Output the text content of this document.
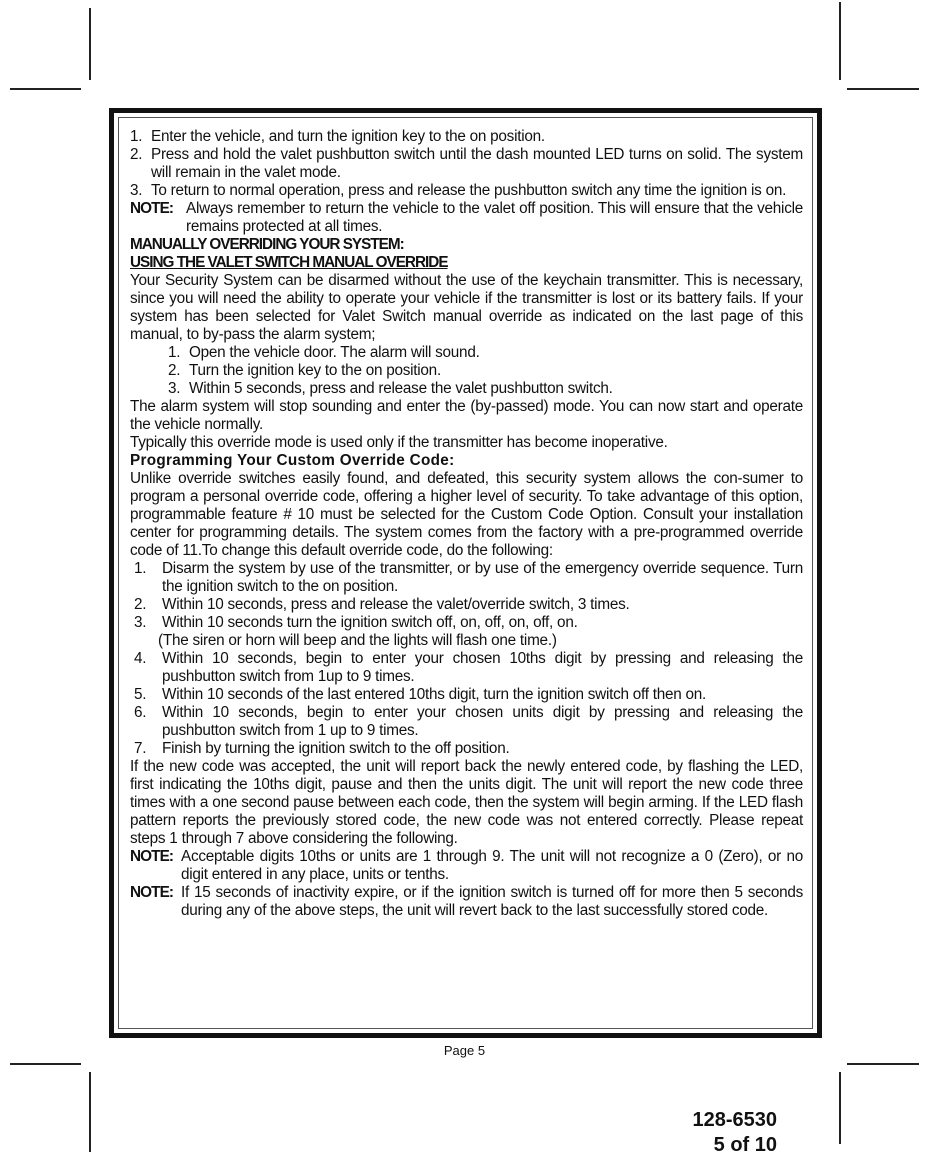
1. Enter the vehicle, and turn the ignition key to the on position.
2. Press and hold the valet pushbutton switch until the dash mounted LED turns on solid. The system will remain in the valet mode.
3. To return to normal operation, press and release the pushbutton switch any time the ignition is on.
NOTE: Always remember to return the vehicle to the valet off position. This will ensure that the vehicle remains protected at all times.
MANUALLY OVERRIDING YOUR SYSTEM:
USING THE VALET SWITCH MANUAL OVERRIDE
Your Security System can be disarmed without the use of the keychain transmitter. This is necessary, since you will need the ability to operate your vehicle if the transmitter is lost or its battery fails. If your system has been selected for Valet Switch manual override as indicated on the last page of this manual, to by-pass the alarm system;
1. Open the vehicle door. The alarm will sound.
2. Turn the ignition key to the on position.
3. Within 5 seconds, press and release the valet pushbutton switch.
The alarm system will stop sounding and enter the (by-passed) mode. You can now start and operate the vehicle normally.
Typically this override mode is used only if the transmitter has become inoperative.
Programming Your Custom Override Code:
Unlike override switches easily found, and defeated, this security system allows the con-sumer to program a personal override code, offering a higher level of security. To take advantage of this option, programmable feature # 10 must be selected for the Custom Code Option. Consult your installation center for programming details. The system comes from the factory with a pre-programmed override code of 11.To change this default override code, do the following:
1.	Disarm the system by use of the transmitter, or by use of the emergency override sequence. Turn the ignition switch to the on position.
2.	Within 10 seconds, press and release the valet/override switch, 3 times.
3.	Within 10 seconds turn the ignition switch off, on, off, on, off, on.
(The siren or horn will beep and the lights will flash one time.)
4.	Within 10 seconds, begin to enter your chosen 10ths digit by pressing and releasing the pushbutton switch from 1up to 9 times.
5.	Within 10 seconds of the last entered 10ths digit, turn the ignition switch off then on.
6.	Within 10 seconds, begin to enter your chosen units digit by pressing and releasing the pushbutton switch from 1 up to 9 times.
7.	Finish by turning the ignition switch to the off position.
If the new code was accepted, the unit will report back the newly entered code, by flashing the LED, first indicating the 10ths digit, pause and then the units digit. The unit will report the new code three times with a one second pause between each code, then the system will begin arming. If the LED flash pattern reports the previously stored code, the new code was not entered correctly. Please repeat steps 1 through 7 above considering the following.
NOTE: Acceptable digits 10ths or units are 1 through 9. The unit will not recognize a 0 (Zero), or no digit entered in any place, units or tenths.
NOTE: If 15 seconds of inactivity expire, or if the ignition switch is turned off for more then 5 seconds during any of the above steps, the unit will revert back to the last successfully stored code.
Page 5
128-6530
5 of 10
